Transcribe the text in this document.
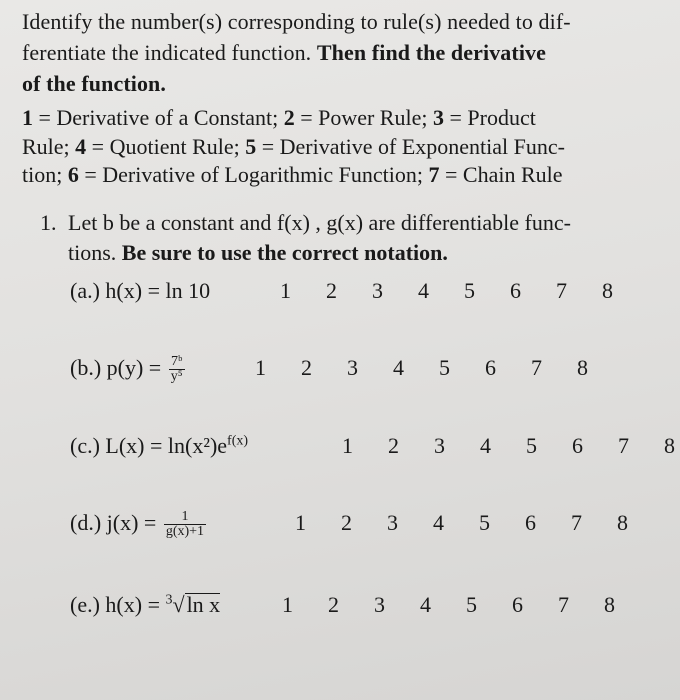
Identify the number(s) corresponding to rule(s) needed to dif-
ferentiate the indicated function. Then find the derivative
of the function.
1 = Derivative of a Constant; 2 = Power Rule; 3 = Product
Rule; 4 = Quotient Rule; 5 = Derivative of Exponential Func-
tion; 6 = Derivative of Logarithmic Function; 7 = Chain Rule
1. Let b be a constant and f(x) , g(x) are differentiable func-
tions. Be sure to use the correct notation.
(a.) h(x) = ln 10	1 2 3 4 5 6 7 8
(b.) $p(y) = \frac{\text{7ᵇ}}{\text{y⁵}}$	1 2 3 4 5 6 7 8
(c.) $L(x) = \ln(x^2)e^{f(x)}$	1 2 3 4 5 6 7 8
(d.) $j(x) = \frac{1}{g(x)+1}$	1 2 3 4 5 6 7 8
(e.) h(x) = $^3$√ln x	1 2 3 4 5 6 7 8
